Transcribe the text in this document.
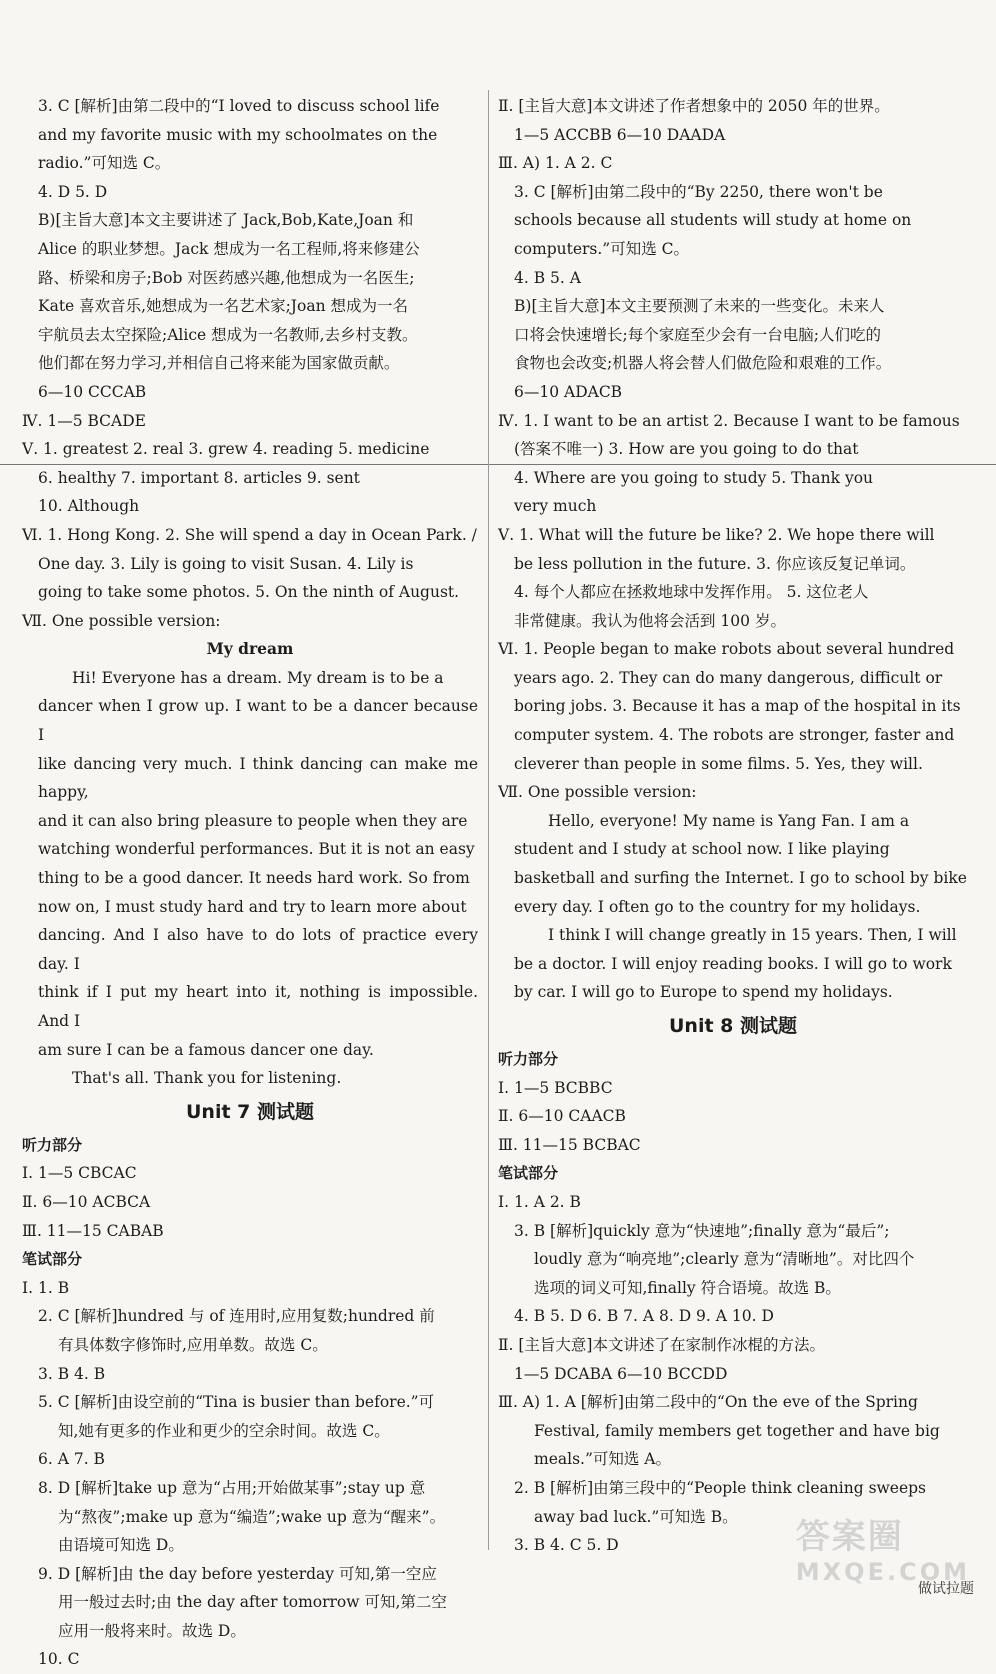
3. C [解析]由第二段中的“I loved to discuss school life
and my favorite music with my schoolmates on the
radio.”可知选 C。
4. D 5. D
B)[主旨大意]本文主要讲述了 Jack,Bob,Kate,Joan 和
Alice 的职业梦想。Jack 想成为一名工程师,将来修建公
路、桥梁和房子;Bob 对医药感兴趣,他想成为一名医生;
Kate 喜欢音乐,她想成为一名艺术家;Joan 想成为一名
宇航员去太空探险;Alice 想成为一名教师,去乡村支教。
他们都在努力学习,并相信自己将来能为国家做贡献。
6—10 CCCAB
Ⅳ. 1—5 BCADE
Ⅴ. 1. greatest 2. real 3. grew 4. reading 5. medicine
6. healthy 7. important 8. articles 9. sent
10. Although
Ⅵ. 1. Hong Kong. 2. She will spend a day in Ocean Park. /
One day. 3. Lily is going to visit Susan. 4. Lily is
going to take some photos. 5. On the ninth of August.
Ⅶ. One possible version:
My dream
Hi! Everyone has a dream. My dream is to be a
dancer when I grow up. I want to be a dancer because I
like dancing very much. I think dancing can make me happy,
and it can also bring pleasure to people when they are
watching wonderful performances. But it is not an easy
thing to be a good dancer. It needs hard work. So from
now on, I must study hard and try to learn more about
dancing. And I also have to do lots of practice every day. I
think if I put my heart into it, nothing is impossible. And I
am sure I can be a famous dancer one day.
That's all. Thank you for listening.
Unit 7 测试题
听力部分
Ⅰ. 1—5 CBCAC
Ⅱ. 6—10 ACBCA
Ⅲ. 11—15 CABAB
笔试部分
Ⅰ. 1. B
2. C [解析]hundred 与 of 连用时,应用复数;hundred 前
有具体数字修饰时,应用单数。故选 C。
3. B 4. B
5. C [解析]由设空前的“Tina is busier than before.”可
知,她有更多的作业和更少的空余时间。故选 C。
6. A 7. B
8. D [解析]take up 意为“占用;开始做某事”;stay up 意
为“熬夜”;make up 意为“编造”;wake up 意为“醒来”。
由语境可知选 D。
9. D [解析]由 the day before yesterday 可知,第一空应
用一般过去时;由 the day after tomorrow 可知,第二空
应用一般将来时。故选 D。
10. C
Ⅱ. [主旨大意]本文讲述了作者想象中的 2050 年的世界。
1—5 ACCBB 6—10 DAADA
Ⅲ. A) 1. A 2. C
3. C [解析]由第二段中的“By 2250, there won't be
schools because all students will study at home on
computers.”可知选 C。
4. B 5. A
B)[主旨大意]本文主要预测了未来的一些变化。未来人
口将会快速增长;每个家庭至少会有一台电脑;人们吃的
食物也会改变;机器人将会替人们做危险和艰难的工作。
6—10 ADACB
Ⅳ. 1. I want to be an artist 2. Because I want to be famous
(答案不唯一) 3. How are you going to do that
4. Where are you going to study 5. Thank you
very much
Ⅴ. 1. What will the future be like? 2. We hope there will
be less pollution in the future. 3. 你应该反复记单词。
4. 每个人都应在拯救地球中发挥作用。 5. 这位老人
非常健康。我认为他将会活到 100 岁。
Ⅵ. 1. People began to make robots about several hundred
years ago. 2. They can do many dangerous, difficult or
boring jobs. 3. Because it has a map of the hospital in its
computer system. 4. The robots are stronger, faster and
cleverer than people in some films. 5. Yes, they will.
Ⅶ. One possible version:
Hello, everyone! My name is Yang Fan. I am a
student and I study at school now. I like playing
basketball and surfing the Internet. I go to school by bike
every day. I often go to the country for my holidays.
I think I will change greatly in 15 years. Then, I will
be a doctor. I will enjoy reading books. I will go to work
by car. I will go to Europe to spend my holidays.
Unit 8 测试题
听力部分
Ⅰ. 1—5 BCBBC
Ⅱ. 6—10 CAACB
Ⅲ. 11—15 BCBAC
笔试部分
Ⅰ. 1. A 2. B
3. B [解析]quickly 意为“快速地”;finally 意为“最后”;
loudly 意为“响亮地”;clearly 意为“清晰地”。对比四个
选项的词义可知,finally 符合语境。故选 B。
4. B 5. D 6. B 7. A 8. D 9. A 10. D
Ⅱ. [主旨大意]本文讲述了在家制作冰棍的方法。
1—5 DCABA 6—10 BCCDD
Ⅲ. A) 1. A [解析]由第二段中的“On the eve of the Spring
Festival, family members get together and have big
meals.”可知选 A。
2. B [解析]由第三段中的“People think cleaning sweeps
away bad luck.”可知选 B。
3. B 4. C 5. D	答案圈
MXQE.COM
做试拉题
